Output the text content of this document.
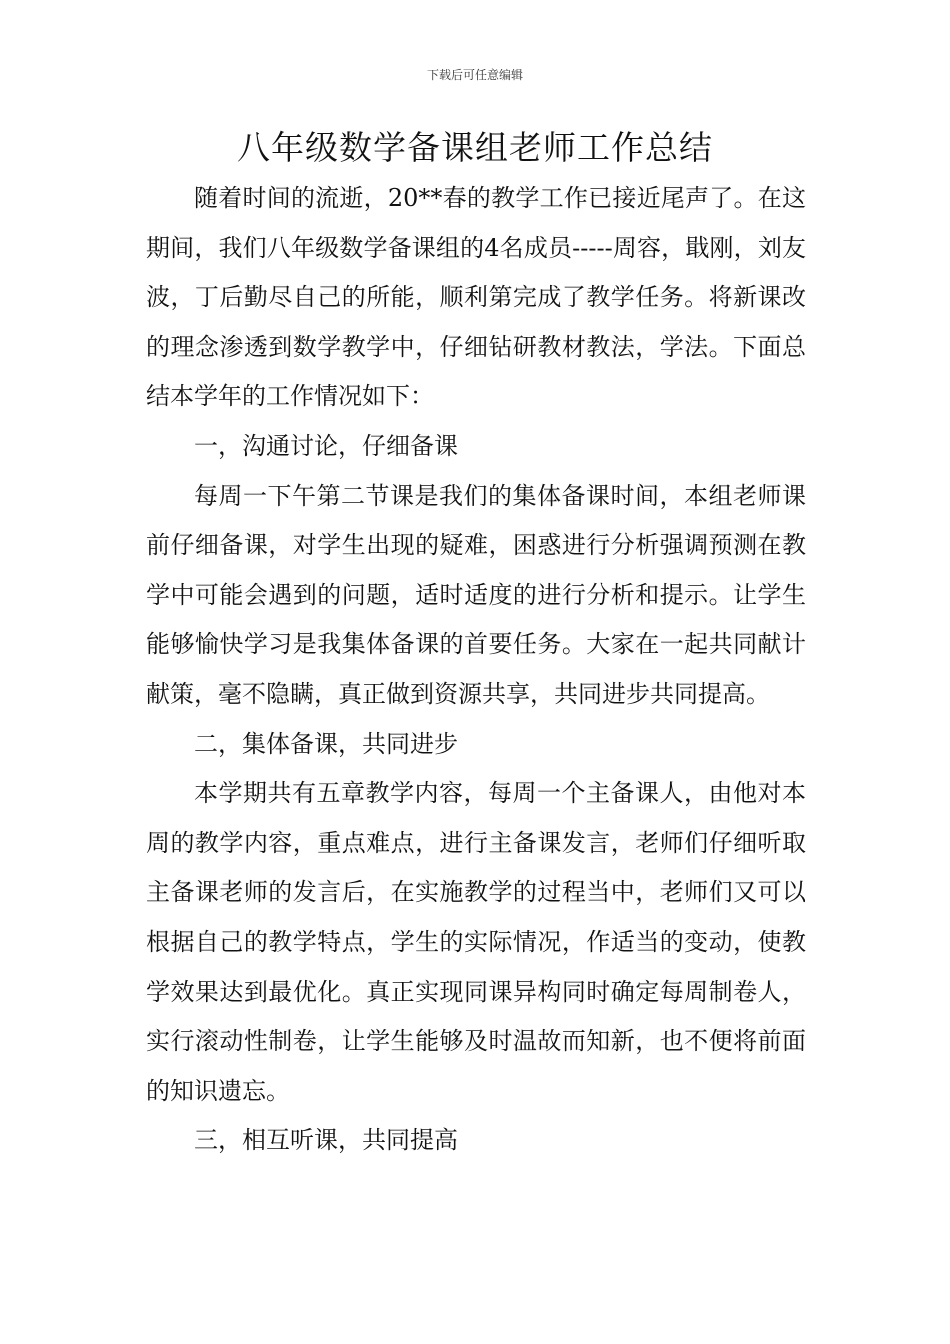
下载后可任意编辑
八年级数学备课组老师工作总结

随着时间的流逝，20**春的教学工作已接近尾声了。在这期间，我们八年级数学备课组的4名成员-----周容，戢刚，刘友波，丁后勤尽自己的所能，顺利第完成了教学任务。将新课改的理念渗透到数学教学中，仔细钻研教材教法，学法。下面总结本学年的工作情况如下：

一，沟通讨论，仔细备课

每周一下午第二节课是我们的集体备课时间，本组老师课前仔细备课，对学生出现的疑难，困惑进行分析强调预测在教学中可能会遇到的问题，适时适度的进行分析和提示。让学生能够愉快学习是我集体备课的首要任务。大家在一起共同献计献策，毫不隐瞒，真正做到资源共享，共同进步共同提高。

二，集体备课，共同进步

本学期共有五章教学内容，每周一个主备课人，由他对本周的教学内容，重点难点，进行主备课发言，老师们仔细听取主备课老师的发言后，在实施教学的过程当中，老师们又可以根据自己的教学特点，学生的实际情况，作适当的变动，使教学效果达到最优化。真正实现同课异构同时确定每周制卷人，实行滚动性制卷，让学生能够及时温故而知新，也不便将前面的知识遗忘。

三，相互听课，共同提高
